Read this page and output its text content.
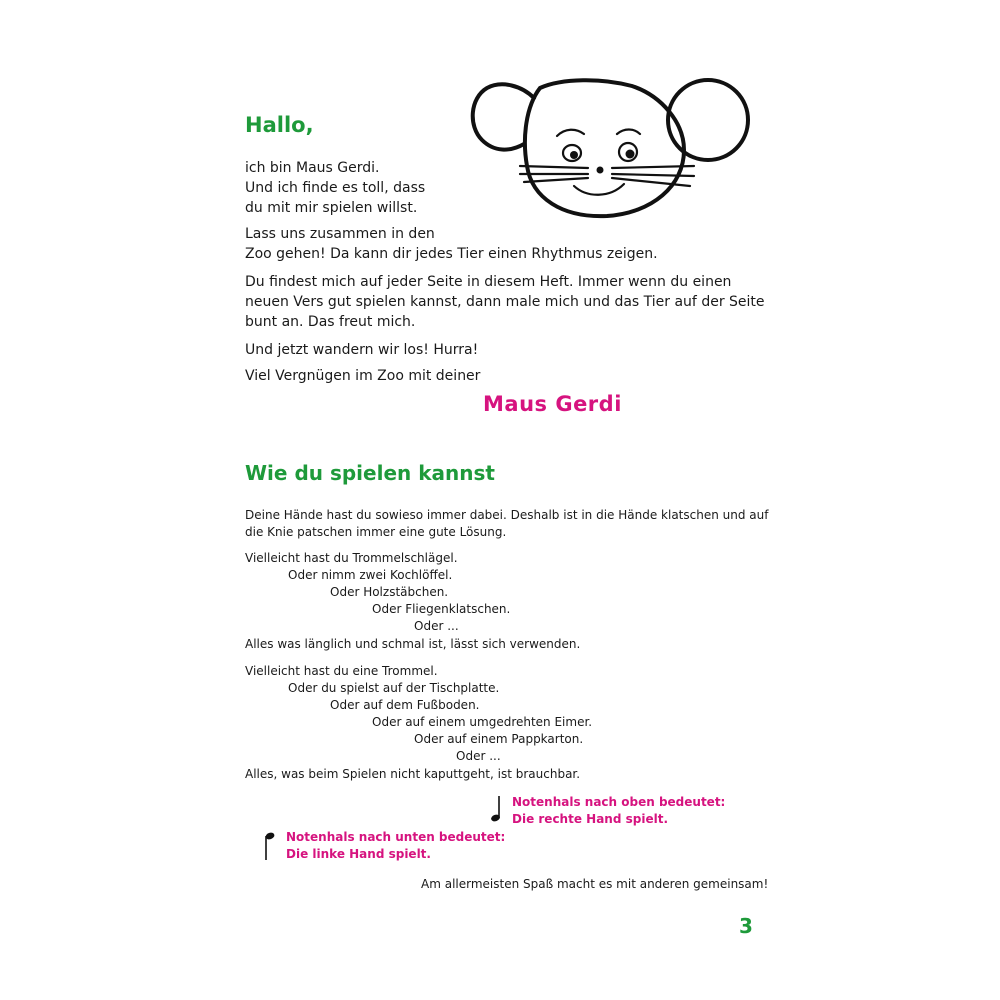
Hallo,
ich bin Maus Gerdi.
Und ich finde es toll, dass
du mit mir spielen willst.
Lass uns zusammen in den
Zoo gehen! Da kann dir jedes Tier einen Rhythmus zeigen.
Du findest mich auf jeder Seite in diesem Heft. Immer wenn du einen
neuen Vers gut spielen kannst, dann male mich und das Tier auf der Seite
bunt an. Das freut mich.
Und jetzt wandern wir los! Hurra!
Viel Vergnügen im Zoo mit deiner
Maus Gerdi
Wie du spielen kannst
Deine Hände hast du sowieso immer dabei. Deshalb ist in die Hände klatschen und auf
die Knie patschen immer eine gute Lösung.
Vielleicht hast du Trommelschlägel.
Oder nimm zwei Kochlöffel.
Oder Holzstäbchen.
Oder Fliegenklatschen.
Oder ...
Alles was länglich und schmal ist, lässt sich verwenden.
Vielleicht hast du eine Trommel.
Oder du spielst auf der Tischplatte.
Oder auf dem Fußboden.
Oder auf einem umgedrehten Eimer.
Oder auf einem Pappkarton.
Oder ...
Alles, was beim Spielen nicht kaputtgeht, ist brauchbar.
Notenhals nach oben bedeutet:
Die rechte Hand spielt.
Notenhals nach unten bedeutet:
Die linke Hand spielt.
Am allermeisten Spaß macht es mit anderen gemeinsam!
3
